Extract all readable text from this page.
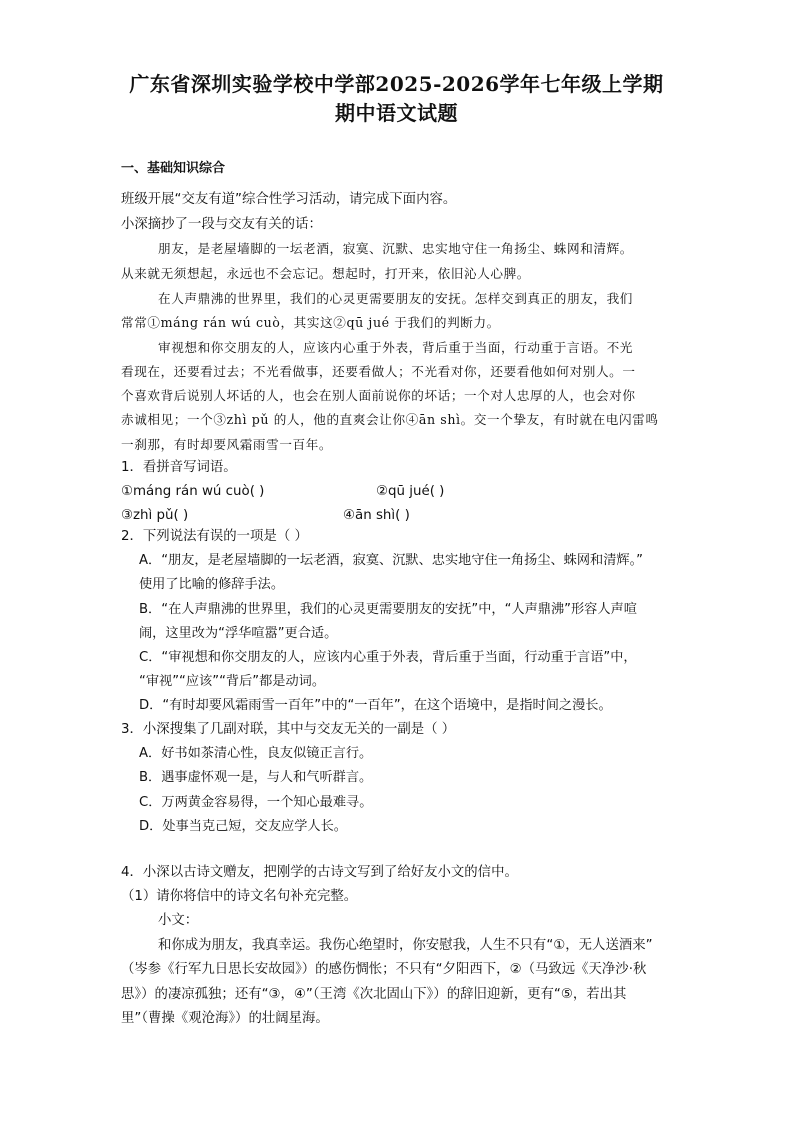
广东省深圳实验学校中学部2025-2026学年七年级上学期
期中语文试题
一、基础知识综合
班级开展“交友有道”综合性学习活动，请完成下面内容。
小深摘抄了一段与交友有关的话：
朋友，是老屋墙脚的一坛老酒，寂寞、沉默、忠实地守住一角扬尘、蛛网和清辉。
从来就无须想起，永远也不会忘记。想起时，打开来，依旧沁人心脾。
在人声鼎沸的世界里，我们的心灵更需要朋友的安抚。怎样交到真正的朋友，我们
常常①máng rán wú cuò，其实这②qū jué 于我们的判断力。
审视想和你交朋友的人，应该内心重于外表，背后重于当面，行动重于言语。不光
看现在，还要看过去；不光看做事，还要看做人；不光看对你，还要看他如何对别人。一
个喜欢背后说别人坏话的人，也会在别人面前说你的坏话；一个对人忠厚的人，也会对你
赤诚相见；一个③zhì pǔ 的人，他的直爽会让你④ān shì。交一个挚友，有时就在电闪雷鸣
一刹那，有时却要风霜雨雪一百年。
1．看拼音写词语。
①máng rán wú cuò( )	②qū jué( )
③zhì pǔ( )	④ān shì( )
2．下列说法有误的一项是（ ）
A．“朋友，是老屋墙脚的一坛老酒，寂寞、沉默、忠实地守住一角扬尘、蛛网和清辉。”
使用了比喻的修辞手法。
B．“在人声鼎沸的世界里，我们的心灵更需要朋友的安抚”中，“人声鼎沸”形容人声喧
闹，这里改为“浮华喧嚣”更合适。
C．“审视想和你交朋友的人，应该内心重于外表，背后重于当面，行动重于言语”中，
“审视”“应该”“背后”都是动词。
D．“有时却要风霜雨雪一百年”中的“一百年”，在这个语境中，是指时间之漫长。
3．小深搜集了几副对联，其中与交友无关的一副是（ ）
A．好书如茶清心性，良友似镜正言行。
B．遇事虚怀观一是，与人和气听群言。
C．万两黄金容易得，一个知心最难寻。
D．处事当克己短，交友应学人长。
4．小深以古诗文赠友，把刚学的古诗文写到了给好友小文的信中。
（1）请你将信中的诗文名句补充完整。
小文：
和你成为朋友，我真幸运。我伤心绝望时，你安慰我，人生不只有“①，无人送酒来”
（岑参《行军九日思长安故园》）的感伤惆怅；不只有“夕阳西下，②（马致远《天净沙·秋
思》）的凄凉孤独；还有“③，④”（王湾《次北固山下》）的辞旧迎新，更有“⑤，若出其
里”（曹操《观沧海》）的壮阔星海。
